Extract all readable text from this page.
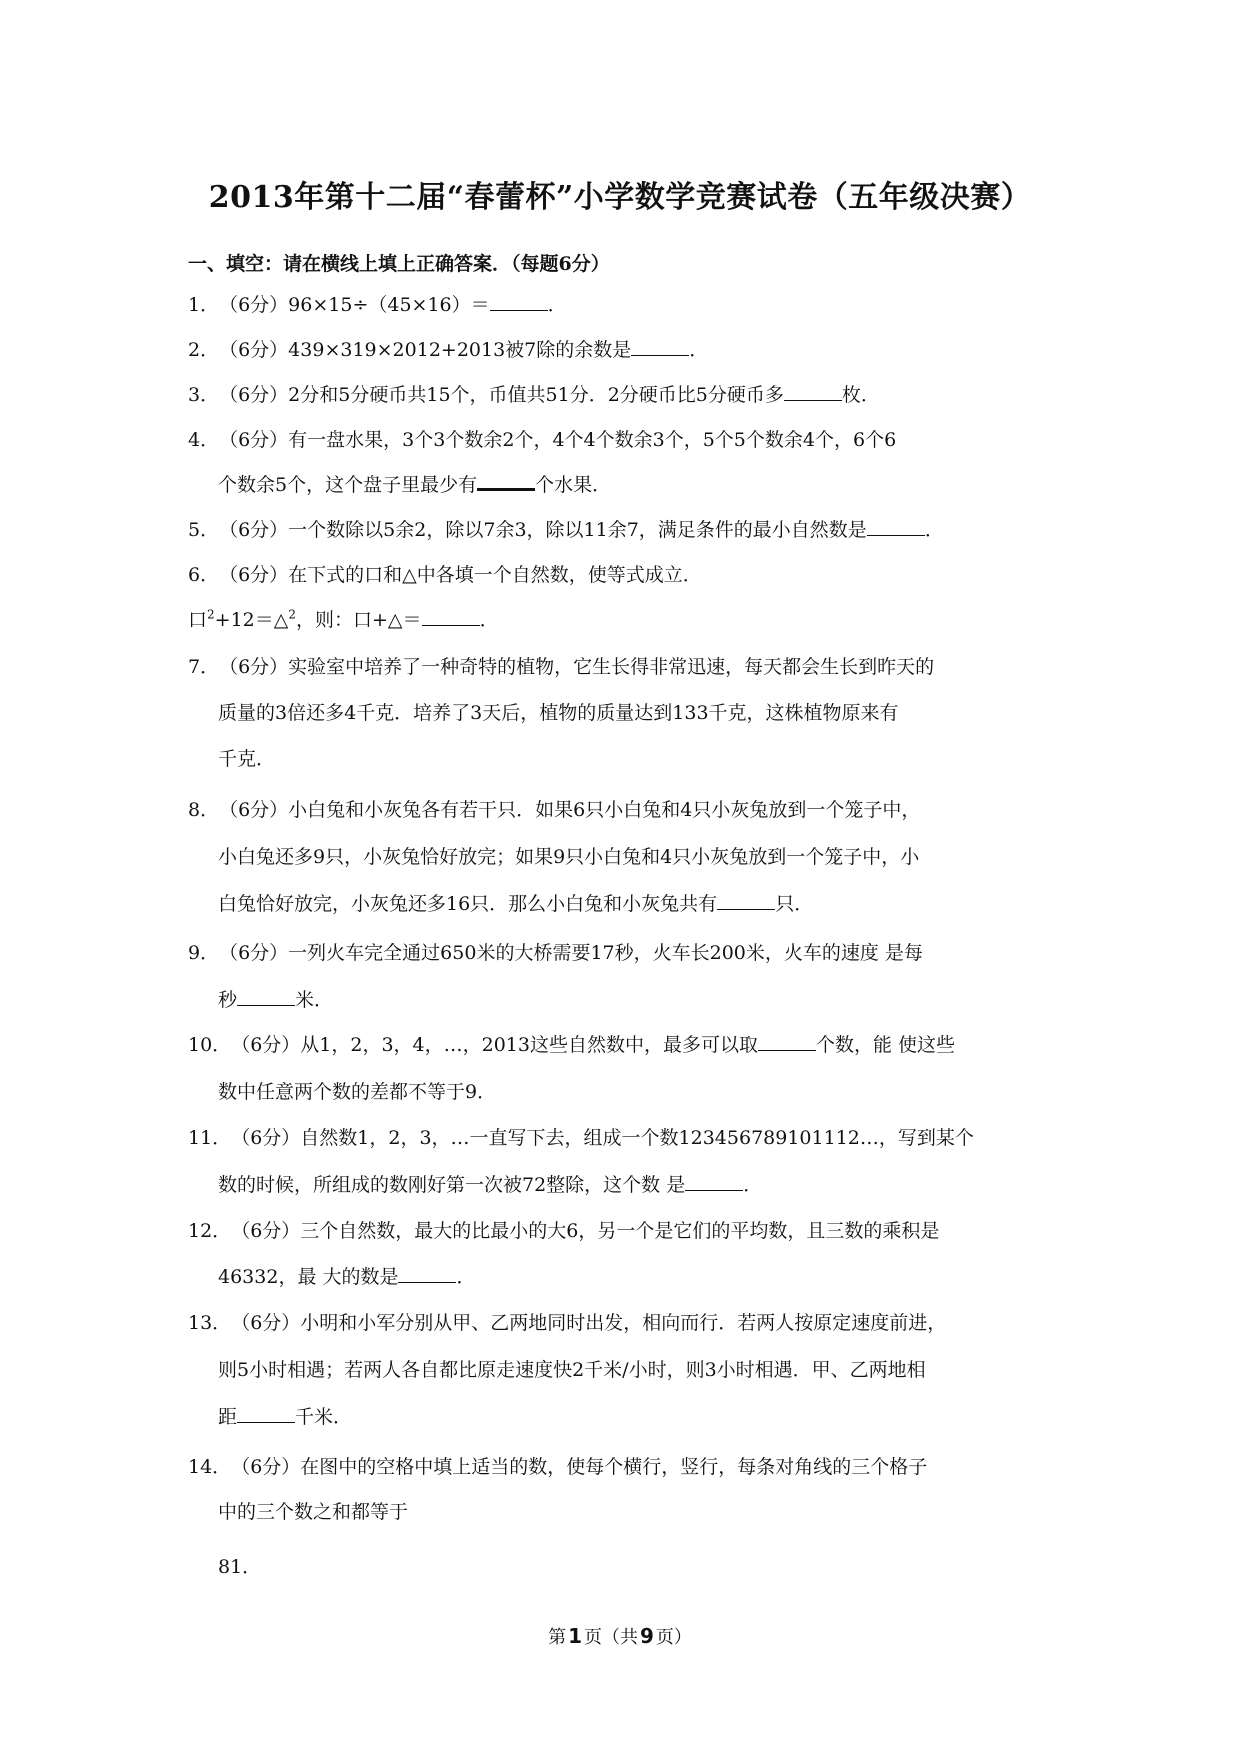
2013年第十二届“春蕾杯”小学数学竞赛试卷（五年级决赛）
一、填空：请在横线上填上正确答案．（每题6分）
1．（6分）96×15÷（45×16）＝	．
2．（6分）439×319×2012+2013被7除的余数是	．
3．（6分）2分和5分硬币共15个，币值共51分．2分硬币比5分硬币多	枚．
4．（6分）有一盘水果，3个3个数余2个，4个4个数余3个，5个5个数余4个，6个6
个数余5个，这个盘子里最少有	个水果．
5．（6分）一个数除以5余2，除以7余3，除以11余7，满足条件的最小自然数是	．
6．（6分）在下式的口和△中各填一个自然数，使等式成立．
口$^2$+12＝△$^2$，则：口+△＝	．
7．（6分）实验室中培养了一种奇特的植物，它生长得非常迅速，每天都会生长到昨天的
质量的3倍还多4千克．培养了3天后，植物的质量达到133千克，这株植物原来有
千克．
8．（6分）小白兔和小灰兔各有若干只．如果6只小白兔和4只小灰兔放到一个笼子中，
小白兔还多9只，小灰兔恰好放完；如果9只小白兔和4只小灰兔放到一个笼子中，小
白兔恰好放完，小灰兔还多16只．那么小白兔和小灰兔共有	只．
9．（6分）一列火车完全通过650米的大桥需要17秒，火车长200米，火车的速度 是每
秒	米．
10．（6分）从1，2，3，4，…，2013这些自然数中，最多可以取	个数，能 使这些
数中任意两个数的差都不等于9．
11．（6分）自然数1，2，3，…一直写下去，组成一个数123456789101112…，写到某个
数的时候，所组成的数刚好第一次被72整除，这个数 是	．
12．（6分）三个自然数，最大的比最小的大6，另一个是它们的平均数，且三数的乘积是
46332，最 大的数是	．
13．（6分）小明和小军分别从甲、乙两地同时出发，相向而行．若两人按原定速度前进，
则5小时相遇；若两人各自都比原走速度快2千米/小时，则3小时相遇．甲、乙两地相
距	千米．
14．（6分）在图中的空格中填上适当的数，使每个横行，竖行，每条对角线的三个格子
中的三个数之和都等于
81．
第 1 页（共 9 页）
